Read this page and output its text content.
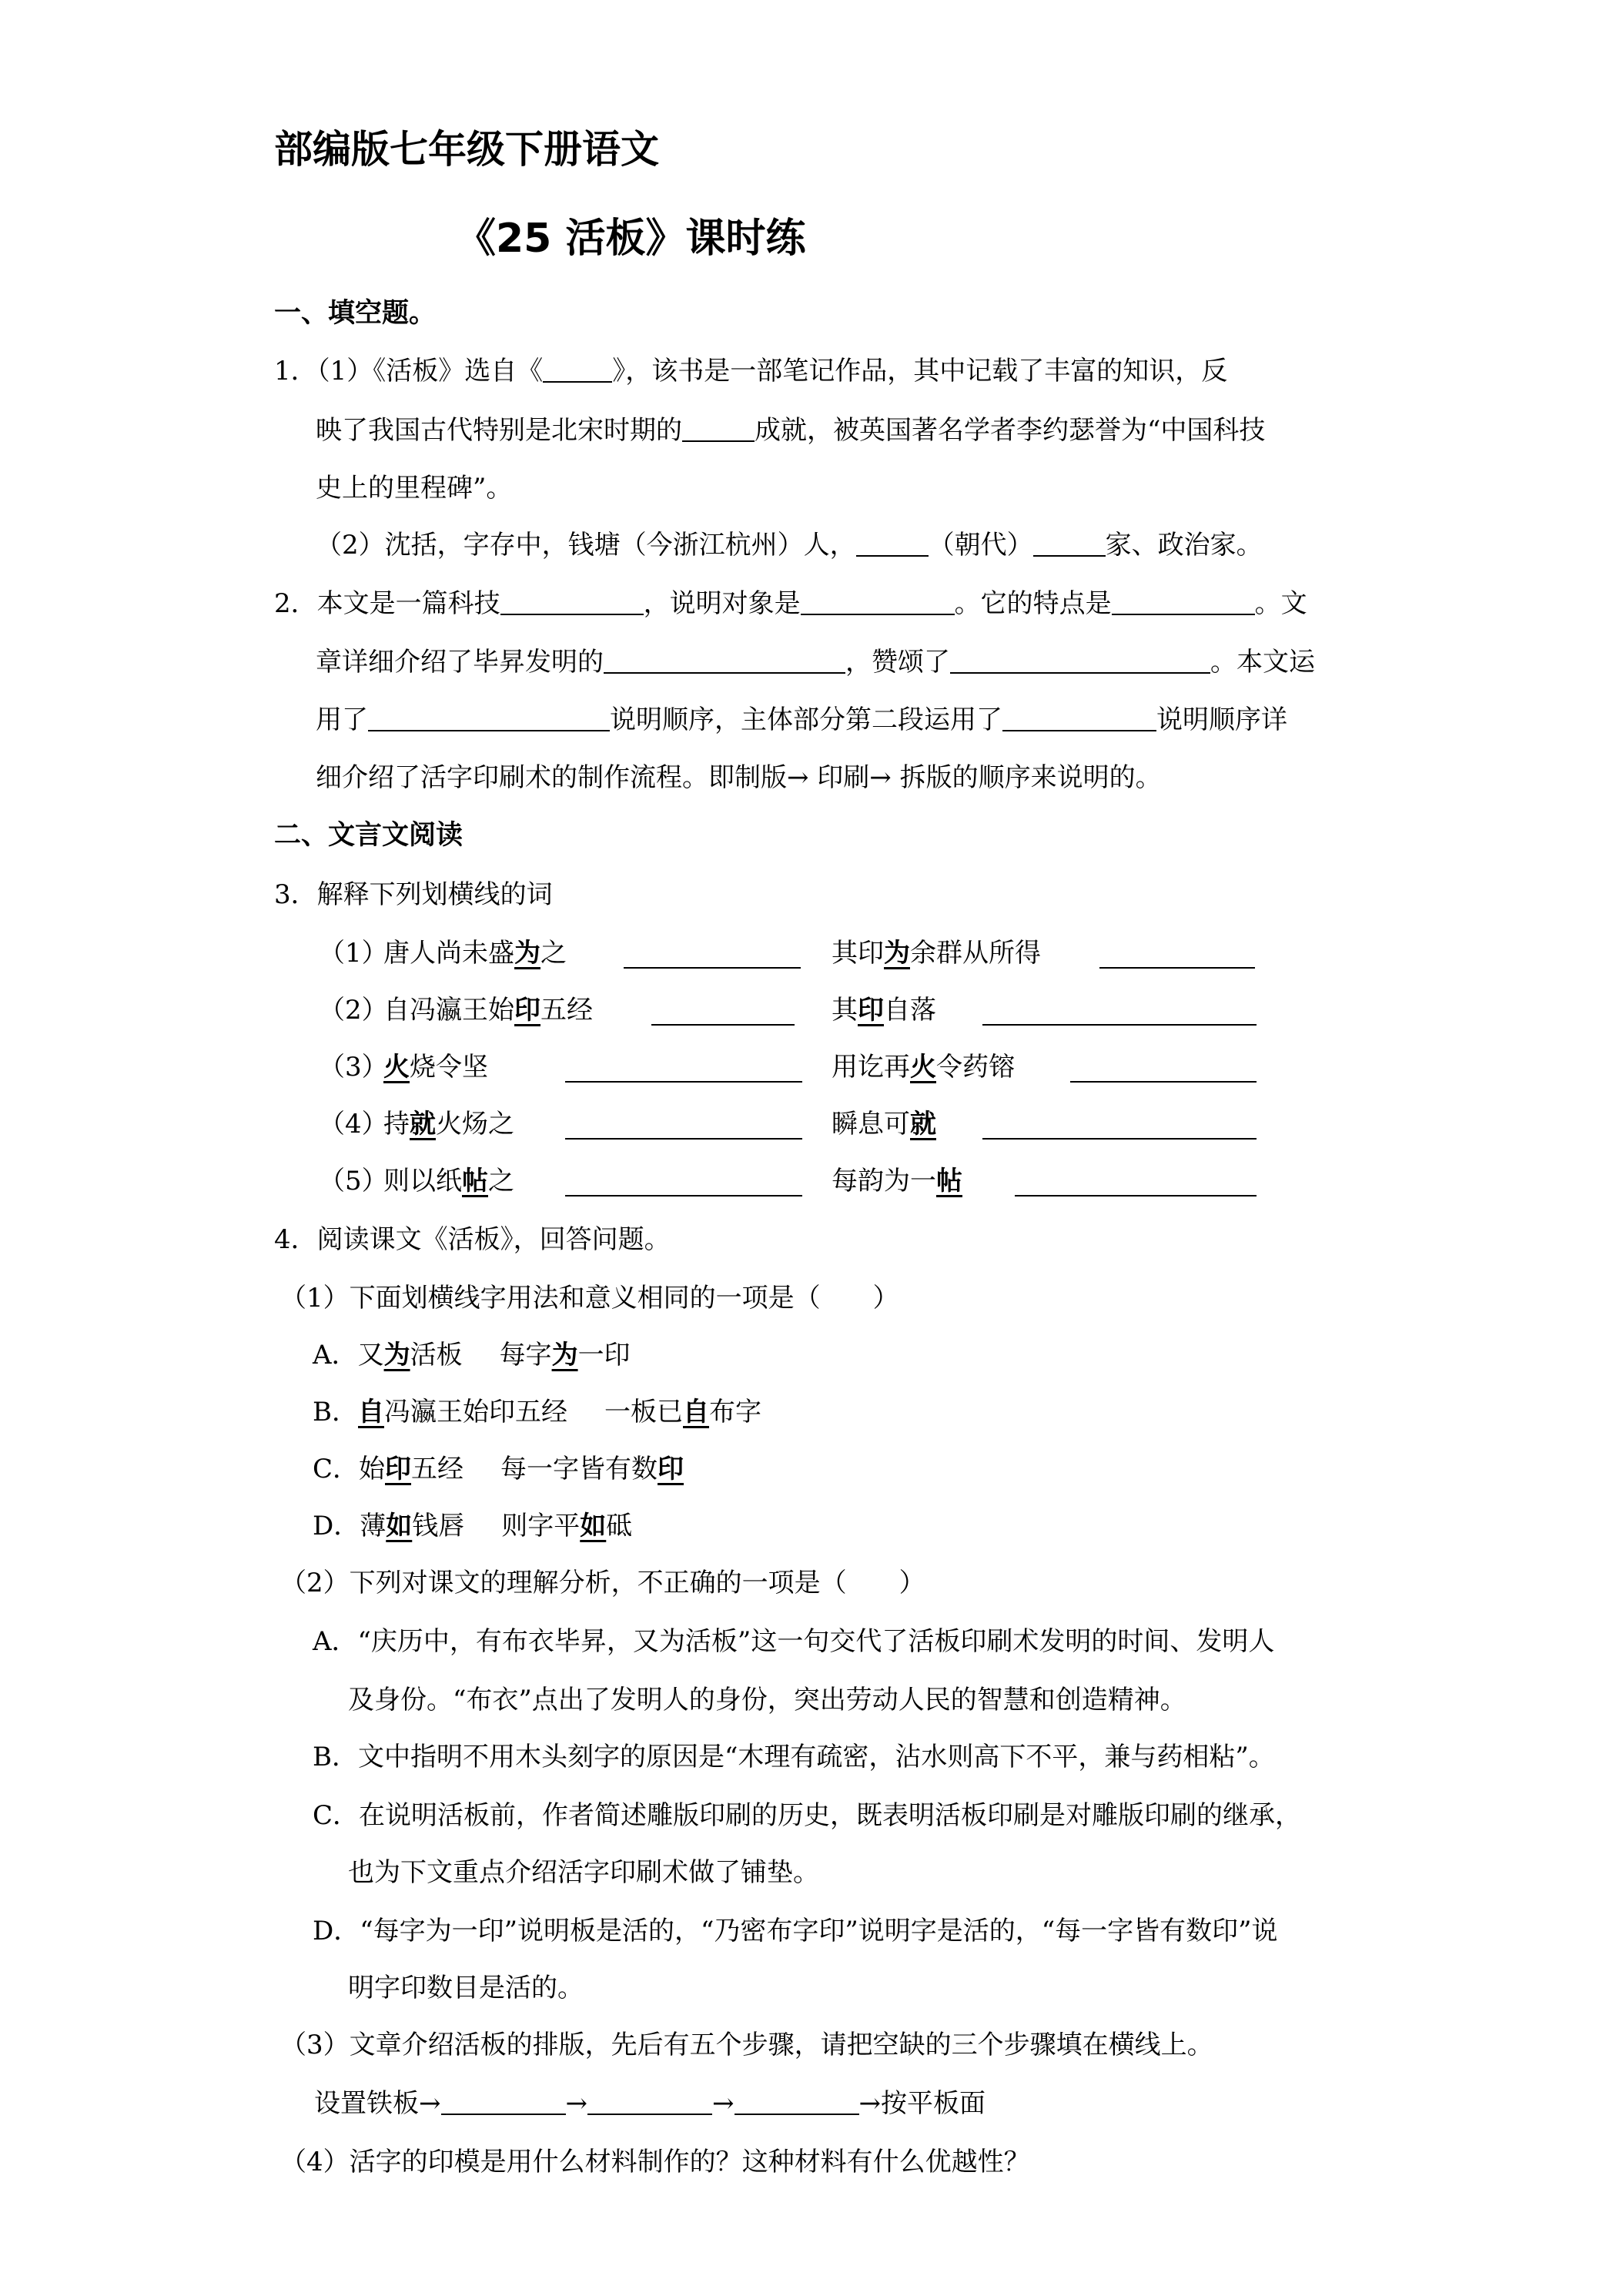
部编版七年级下册语文
《25 活板》课时练
一、填空题。
1．（1）《活板》选自《	》，该书是一部笔记作品，其中记载了丰富的知识，反
映了我国古代特别是北宋时期的	成就，被英国著名学者李约瑟誉为“中国科技
史上的里程碑”。
（2）沈括，字存中，钱塘（今浙江杭州）人，	（朝代）	家、政治家。
2．本文是一篇科技	，说明对象是	。它的特点是	。文
章详细介绍了毕昇发明的	，赞颂了	。本文运
用了	说明顺序，主体部分第二段运用了	说明顺序详
细介绍了活字印刷术的制作流程。即制版→ 印刷→ 拆版的顺序来说明的。
二、文言文阅读
3．解释下列划横线的词
（1）
唐人尚未盛为之	其印为余群从所得
（2）
自冯瀛王始印五经	其印自落
（3）
火烧令坚	用讫再火令药镕
（4）
持就火炀之	瞬息可就
（5）
则以纸帖之	每韵为一帖
4．阅读课文《活板》，回答问题。
（1）下面划横线字用法和意义相同的一项是（　　）
A．又为活板 每字为一印
B．自冯瀛王始印五经 一板已自布字
C．始印五经 每一字皆有数印
D．薄如钱唇 则字平如砥
（2）下列对课文的理解分析，不正确的一项是（　　）
A．“庆历中，有布衣毕昇，又为活板”这一句交代了活板印刷术发明的时间、发明人
及身份。“布衣”点出了发明人的身份，突出劳动人民的智慧和创造精神。
B．文中指明不用木头刻字的原因是“木理有疏密，沾水则高下不平，兼与药相粘”。
C．在说明活板前，作者简述雕版印刷的历史，既表明活板印刷是对雕版印刷的继承，
也为下文重点介绍活字印刷术做了铺垫。
D．“每字为一印”说明板是活的，“乃密布字印”说明字是活的，“每一字皆有数印”说
明字印数目是活的。
（3）文章介绍活板的排版，先后有五个步骤，请把空缺的三个步骤填在横线上。
设置铁板→	→	→	→按平板面
（4）活字的印模是用什么材料制作的？这种材料有什么优越性？
